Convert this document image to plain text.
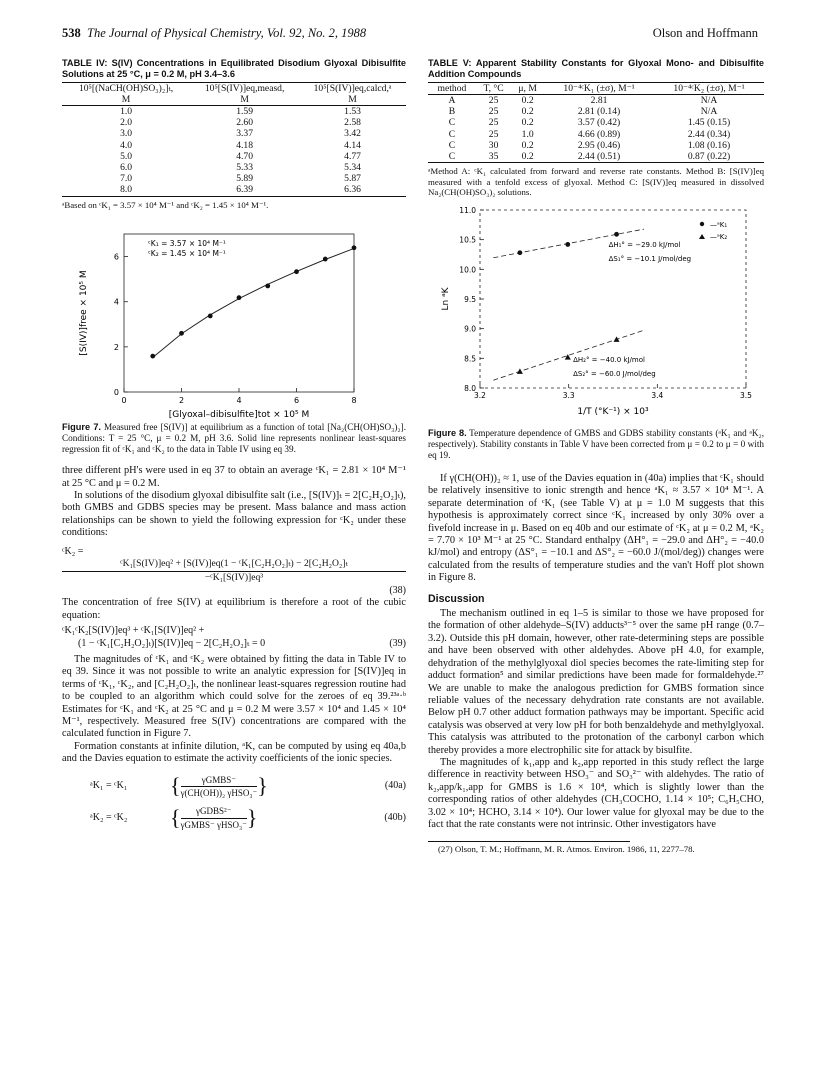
538 The Journal of Physical Chemistry, Vol. 92, No. 2, 1988	Olson and Hoffmann
TABLE IV: S(IV) Concentrations in Equilibrated Disodium Glyoxal Dibisulfite Solutions at 25 °C, μ = 0.2 M, pH 3.4–3.6
10⁵[(NaCH(OH)SO₃)₂]ₜ,	10⁵[S(IV)]eq,measd,	10⁵[S(IV)]eq,calcd,ᵃ
M	M	M
1.0	1.59	1.53
2.0	2.60	2.58
3.0	3.37	3.42
4.0	4.18	4.14
5.0	4.70	4.77
6.0	5.33	5.34
7.0	5.89	5.87
8.0	6.39	6.36
ᵃBased on ᶜK₁ = 3.57 × 10⁴ M⁻¹ and ᶜK₂ = 1.45 × 10⁴ M⁻¹.
0	2	4	6	8
0
2
4
6
ᶜK₁ = 3.57 × 10⁴ M⁻¹
ᶜK₂ = 1.45 × 10⁴ M⁻¹
[S(IV)]free × 10⁵ M
[Glyoxal–dibisulfite]tot × 10⁵ M
Figure 7. Measured free [S(IV)] at equilibrium as a function of total [Na₂(CH(OH)SO₃)₂]. Conditions: T = 25 °C, μ = 0.2 M, pH 3.6. Solid line represents nonlinear least-squares regression fit of ᶜK₁ and ᶜK₂ to the data in Table IV using eq 39.

three different pH's were used in eq 37 to obtain an average ᶜK₁ = 2.81 × 10⁴ M⁻¹ at 25 °C and μ = 0.2 M.

In solutions of the disodium glyoxal dibisulfite salt (i.e., [S(IV)]ₜ = 2[C₂H₂O₂]ₜ), both GMBS and GDBS species may be present. Mass balance and mass action relationships can be shown to yield the following expression for ᶜK₂ under these conditions:

ᶜK₂ =
ᶜK₁[S(IV)]eq² + [S(IV)]eq(1 − ᶜK₁[C₂H₂O₂]ₜ) − 2[C₂H₂O₂]ₜ
−ᶜK₁[S(IV)]eq³
(38)

The concentration of free S(IV) at equilibrium is therefore a root of the cubic equation:

ᶜK₁ᶜK₂[S(IV)]eq³ + ᶜK₁[S(IV)]eq² +
(1 − ᶜK₁[C₂H₂O₂]ₜ)[S(IV)]eq − 2[C₂H₂O₂]ₜ = 0	(39)

The magnitudes of ᶜK₁ and ᶜK₂ were obtained by fitting the data in Table IV to eq 39. Since it was not possible to write an analytic expression for [S(IV)]eq in terms of ᶜK₁, ᶜK₂, and [C₂H₂O₂]ₜ, the nonlinear least-squares regression routine had to be coupled to an algorithm which could solve for the zeroes of eq 39.²³ᵃ·ᵇ Estimates for ᶜK₁ and ᶜK₂ at 25 °C and μ = 0.2 M were 3.57 × 10⁴ and 1.45 × 10⁴ M⁻¹, respectively. Measured free S(IV) concentrations are compared with the calculated function in Figure 7.

Formation constants at infinite dilution, ᵃK, can be computed by using eq 40a,b and the Davies equation to estimate the activity coefficients of the ionic species.

ᵃK₁ = ᶜK₁	{	γGMBS⁻
γ(CH(OH))₂ γHSO₃⁻ }	(40a)
ᵃK₂ = ᶜK₂	{	γGDBS²⁻
γGMBS⁻ γHSO₃⁻ }	(40b)
TABLE V: Apparent Stability Constants for Glyoxal Mono- and Dibisulfite Addition Compounds
method	T, °C	μ, M	10⁻⁴ᶜK₁ (±σ), M⁻¹	10⁻⁴ᶜK₂ (±σ), M⁻¹
A	25	0.2	2.81	N/A
B	25	0.2	2.81 (0.14)	N/A
C	25	0.2	3.57 (0.42)	1.45 (0.15)
C	25	1.0	4.66 (0.89)	2.44 (0.34)
C	30	0.2	2.95 (0.46)	1.08 (0.16)
C	35	0.2	2.44 (0.51)	0.87 (0.22)
ᵃMethod A: ᶜK₁ calculated from forward and reverse rate constants. Method B: [S(IV)]eq measured with a tenfold excess of glyoxal. Method C: [S(IV)]eq measured in dissolved Na₂(CH(OH)SO₃)₂ solutions.
3.2	3.3	3.4	3.5
8.0
8.5
9.0
9.5
10.0
10.5
11.0
—ᵃK₁
—ᵃK₂
ΔH₁° = −29.0 kJ/mol
ΔS₁° = −10.1 J/mol/deg
ΔH₂° = −40.0 kJ/mol
ΔS₂° = −60.0 J/mol/deg
Ln ᵃK
1/T (°K⁻¹) × 10³
Figure 8. Temperature dependence of GMBS and GDBS stability constants (ᵃK₁ and ᵃK₂, respectively). Stability constants in Table V have been corrected from μ = 0.2 to μ = 0 with eq 19.

If γ(CH(OH))₂ ≈ 1, use of the Davies equation in (40a) implies that ᶜK₁ should be relatively insensitive to ionic strength and hence ᵃK₁ ≈ 3.57 × 10⁴ M⁻¹. A separate determination of ᶜK₁ (see Table V) at μ = 1.0 M suggests that this hypothesis is approximately correct since ᶜK₁ increased by only 30% over a fivefold increase in μ. Based on eq 40b and our estimate of ᶜK₂ at μ = 0.2 M, ᵃK₂ = 7.70 × 10³ M⁻¹ at 25 °C. Standard enthalpy (ΔH°₁ = −29.0 and ΔH°₂ = −40.0 kJ/mol) and entropy (ΔS°₁ = −10.1 and ΔS°₂ = −60.0 J/(mol/deg)) changes were calculated from the results of temperature studies and the van't Hoff plot shown in Figure 8.

Discussion

The mechanism outlined in eq 1–5 is similar to those we have proposed for the formation of other aldehyde–S(IV) adducts³⁻⁵ over the same pH range (0.7–3.2). Outside this pH domain, however, other rate-determining steps are possible and have been observed with other aldehydes. Above pH 4.0, for example, dehydration of the methylglyoxal diol species becomes the rate-limiting step for adduct formation⁵ and similar predictions have been made for formaldehyde.²⁷ We are unable to make the analogous prediction for GMBS formation since reliable values of the necessary dehydration rate constants are not available. Below pH 0.7 other adduct formation pathways may be important. Specific acid catalysis was observed at very low pH for both benzaldehyde and methylglyoxal. This catalysis was attributed to the protonation of the carbonyl carbon which thereby provides a more electrophilic site for attack by bisulfite.

The magnitudes of k₁,app and k₂,app reported in this study reflect the large difference in reactivity between HSO₃⁻ and SO₃²⁻ with aldehydes. The ratio of k₂,app/k₁,app for GMBS is 1.6 × 10⁴, which is slightly lower than the corresponding ratios of other aldehydes (CH₃COCHO, 1.14 × 10⁵; C₆H₅CHO, 3.02 × 10⁴; HCHO, 3.14 × 10⁴). Our lower value for glyoxal may be due to the fact that the rate constants were not intrinsic. Other investigators have

(27) Olson, T. M.; Hoffmann, M. R. Atmos. Environ. 1986, 11, 2277–78.
